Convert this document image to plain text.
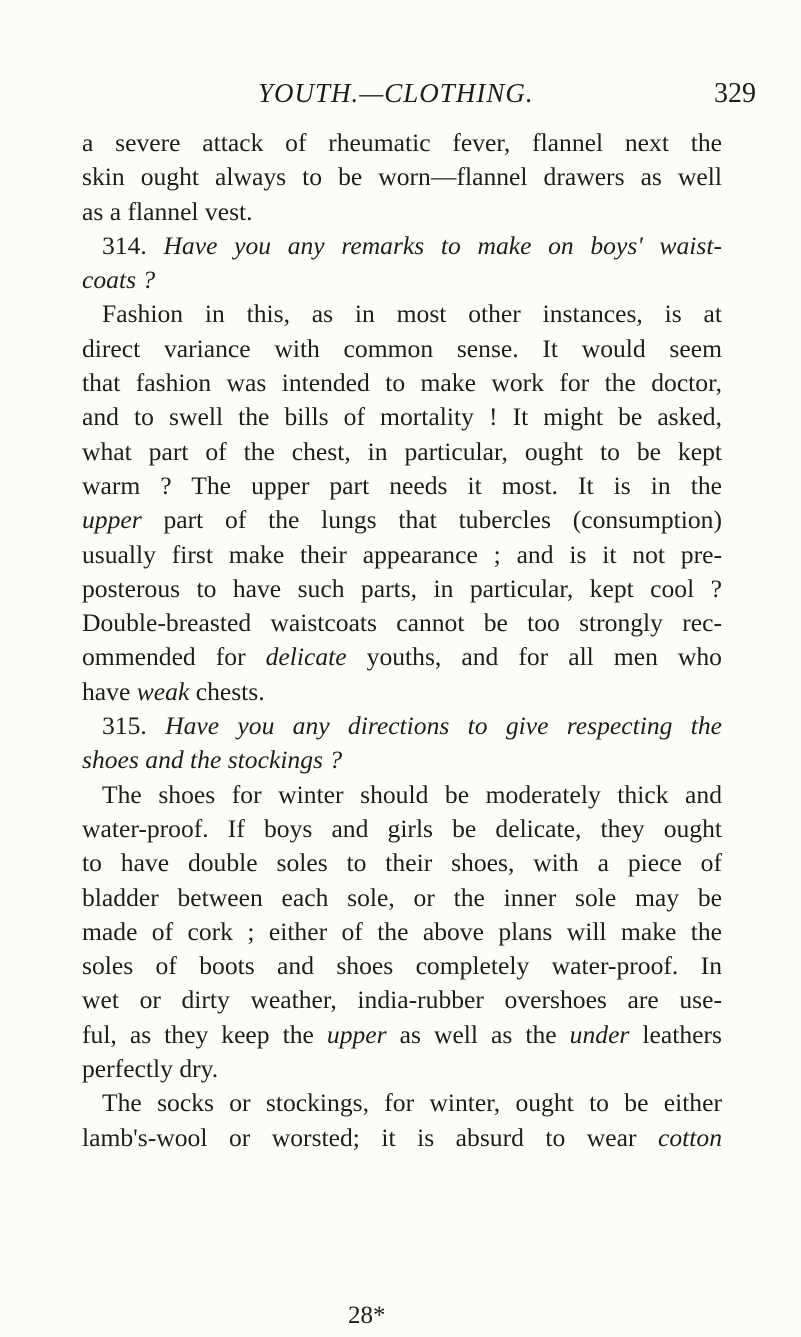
YOUTH.—CLOTHING.	329
a severe attack of rheumatic fever, flannel next the
skin ought always to be worn—flannel drawers as well
as a flannel vest.
314. Have you any remarks to make on boys' waist-
coats ?
Fashion in this, as in most other instances, is at
direct variance with common sense. It would seem
that fashion was intended to make work for the doctor,
and to swell the bills of mortality ! It might be asked,
what part of the chest, in particular, ought to be kept
warm ? The upper part needs it most. It is in the
upper part of the lungs that tubercles (consumption)
usually first make their appearance ; and is it not pre-
posterous to have such parts, in particular, kept cool ?
Double-breasted waistcoats cannot be too strongly rec-
ommended for delicate youths, and for all men who
have weak chests.
315. Have you any directions to give respecting the
shoes and the stockings ?
The shoes for winter should be moderately thick and
water-proof. If boys and girls be delicate, they ought
to have double soles to their shoes, with a piece of
bladder between each sole, or the inner sole may be
made of cork ; either of the above plans will make the
soles of boots and shoes completely water-proof. In
wet or dirty weather, india-rubber overshoes are use-
ful, as they keep the upper as well as the under leathers
perfectly dry.
The socks or stockings, for winter, ought to be either
lamb's-wool or worsted; it is absurd to wear cotton
28*
